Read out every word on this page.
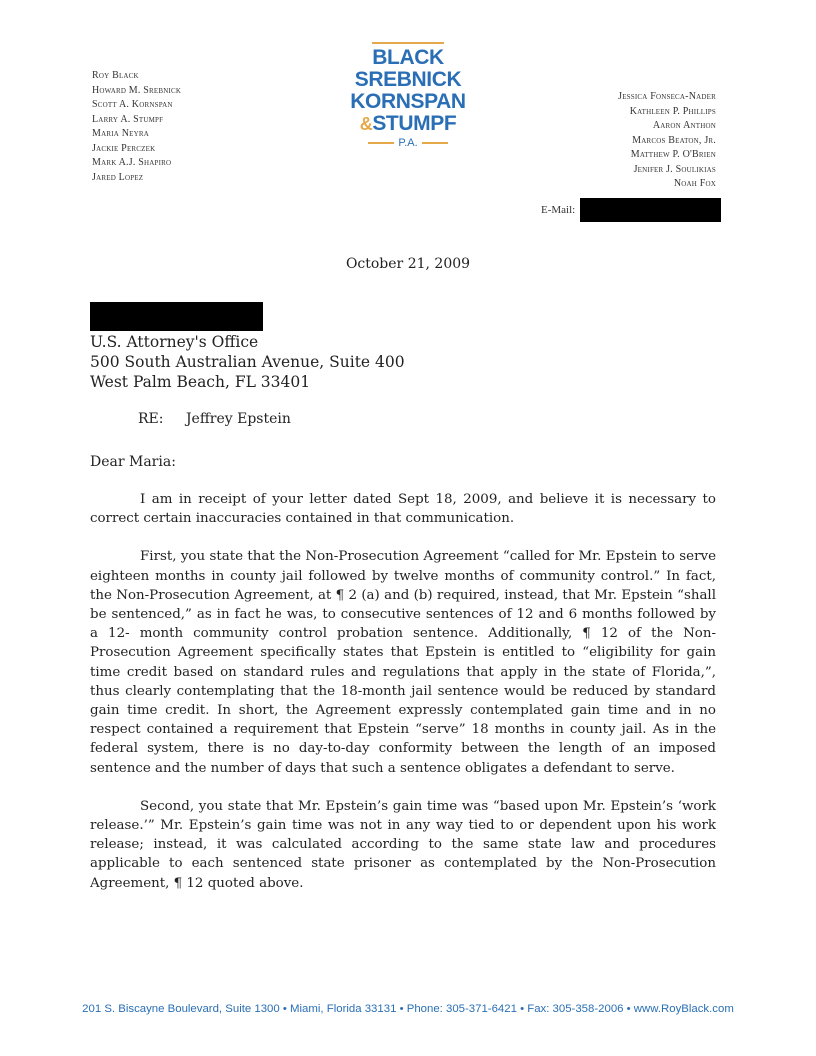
Roy Black
Howard M. Srebnick
Scott A. Kornspan
Larry A. Stumpf
Maria Neyra
Jackie Perczek
Mark A.J. Shapiro
Jared Lopez
BLACK
SREBNICK
KORNSPAN
&STUMPF
P.A.
Jessica Fonseca-Nader
Kathleen P. Phillips
Aaron Anthon
Marcos Beaton, Jr.
Matthew P. O'Brien
Jenifer J. Soulikias
Noah Fox
E-Mail:
October 21, 2009
U.S. Attorney's Office
500 South Australian Avenue, Suite 400
West Palm Beach, FL 33401
RE: Jeffrey Epstein
Dear Maria:

I am in receipt of your letter dated Sept 18, 2009, and believe it is necessary to correct certain inaccuracies contained in that communication.

First, you state that the Non-Prosecution Agreement “called for Mr. Epstein to serve eighteen months in county jail followed by twelve months of community control.” In fact, the Non-Prosecution Agreement, at ¶ 2 (a) and (b) required, instead, that Mr. Epstein “shall be sentenced,” as in fact he was, to consecutive sentences of 12 and 6 months followed by a 12- month community control probation sentence. Additionally, ¶ 12 of the Non-Prosecution Agreement specifically states that Epstein is entitled to “eligibility for gain time credit based on standard rules and regulations that apply in the state of Florida,”, thus clearly contemplating that the 18-month jail sentence would be reduced by standard gain time credit. In short, the Agreement expressly contemplated gain time and in no respect contained a requirement that Epstein “serve” 18 months in county jail. As in the federal system, there is no day-to-day conformity between the length of an imposed sentence and the number of days that such a sentence obligates a defendant to serve.

Second, you state that Mr. Epstein’s gain time was “based upon Mr. Epstein’s ‘work release.’” Mr. Epstein’s gain time was not in any way tied to or dependent upon his work release; instead, it was calculated according to the same state law and procedures applicable to each sentenced state prisoner as contemplated by the Non-Prosecution Agreement, ¶ 12 quoted above.

201 S. Biscayne Boulevard, Suite 1300 • Miami, Florida 33131 • Phone: 305-371-6421 • Fax: 305-358-2006 • www.RoyBlack.com
